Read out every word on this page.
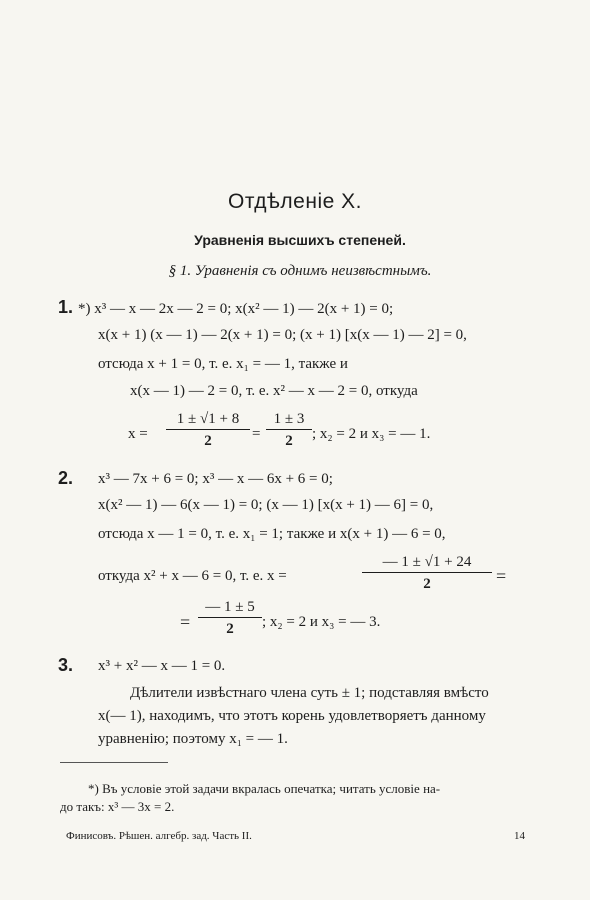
Отдѣленіе X.
Уравненія высшихъ степеней.
§ 1. Уравненія съ однимъ неизвѣстнымъ.
1. *) x³ — x — 2x — 2 = 0; x(x² — 1) — 2(x + 1) = 0;
x(x + 1) (x — 1) — 2(x + 1) = 0; (x + 1) [x(x — 1) — 2] = 0,
отсюда x + 1 = 0, т. е. x₁ = — 1, также и
x(x — 1) — 2 = 0, т. е. x² — x — 2 = 0, откуда
x =
1 ± √1 + 8
2	=
1 ± 3
2	; x₂ = 2 и x₃ = — 1.
2. x³ — 7x + 6 = 0; x³ — x — 6x + 6 = 0;
x(x² — 1) — 6(x — 1) = 0; (x — 1) [x(x + 1) — 6] = 0,
отсюда x — 1 = 0, т. е. x₁ = 1; также и x(x + 1) — 6 = 0,
откуда x² + x — 6 = 0, т. е. x =
— 1 ± √1 + 24
2	=
=
— 1 ± 5
2	; x₂ = 2 и x₃ = — 3.
3. x³ + x² — x — 1 = 0.
Дѣлители извѣстнаго члена суть ± 1; подставляя вмѣсто
x(— 1), находимъ, что этотъ корень удовлетворяетъ данному
уравненію; поэтому x₁ = — 1.
*) Въ условіе этой задачи вкралась опечатка; читать условіе на-
до такъ: x³ — 3x = 2.
Финисовъ. Рѣшен. алгебр. зад. Часть II.	14
